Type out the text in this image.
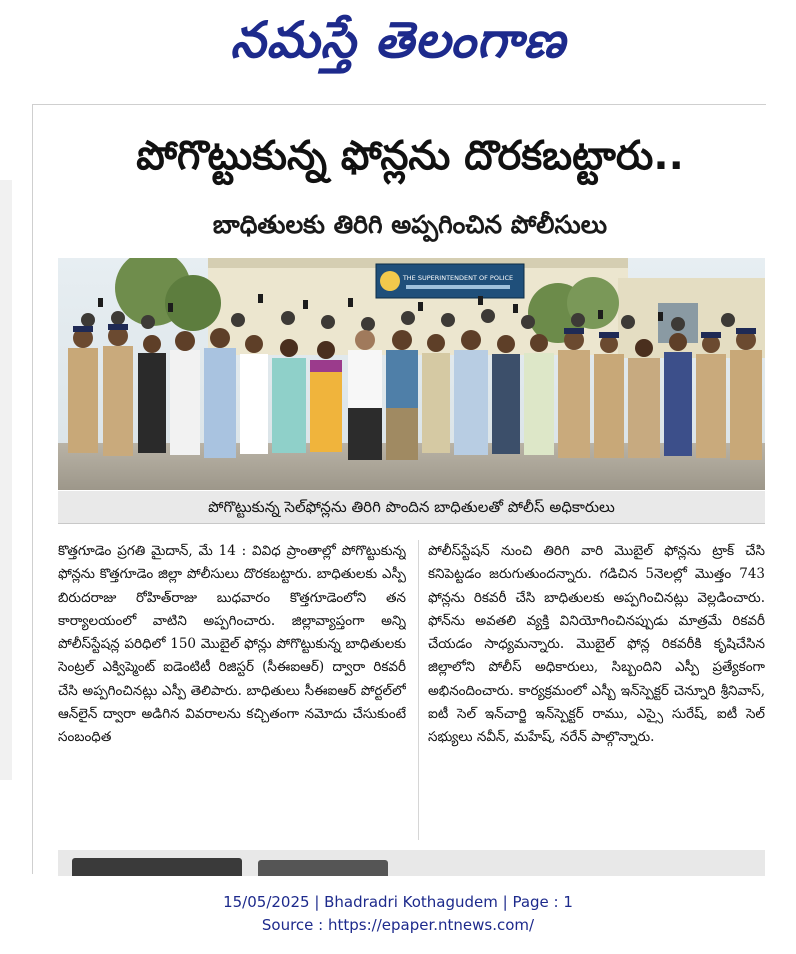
నమస్తే తెలంగాణ
పోగొట్టుకున్న ఫోన్లను దొరకబట్టారు..
బాధితులకు తిరిగి అప్పగించిన పోలీసులు
THE SUPERINTENDENT OF POLICE
పోగొట్టుకున్న సెల్‌ఫోన్లను తిరిగి పొందిన బాధితులతో పోలీస్ అధికారులు

కొత్తగూడెం ప్రగతి మైదాన్, మే 14 : వివిధ ప్రాంతాల్లో పోగొట్టుకున్న ఫోన్లను కొత్తగూడెం జిల్లా పోలీసులు దొరకబట్టారు. బాధితులకు ఎస్పీ బిరుదరాజు రోహిత్‌రాజు బుధవారం కొత్తగూడెంలోని తన కార్యాలయంలో వాటిని అప్పగించారు. జిల్లావ్యాప్తంగా అన్ని పోలీస్‌స్టేషన్ల పరిధిలో 150 మొబైల్ ఫోన్లు పోగొట్టుకున్న బాధితులకు సెంట్రల్ ఎక్విప్మెంట్ ఐడెంటిటీ రిజిస్టర్ (సీఈఐఆర్) ద్వారా రికవరీ చేసి అప్పగించినట్లు ఎస్పీ తెలిపారు. బాధితులు సీఈఐఆర్ పోర్టల్‌లో ఆన్‌లైన్ ద్వారా అడిగిన వివరాలను కచ్చితంగా నమోదు చేసుకుంటే సంబంధిత

పోలీస్‌స్టేషన్ నుంచి తిరిగి వారి మొబైల్ ఫోన్లను ట్రాక్ చేసి కనిపెట్టడం జరుగుతుందన్నారు. గడిచిన 5నెలల్లో మొత్తం 743 ఫోన్లను రికవరీ చేసి బాధితులకు అప్పగించినట్లు వెల్లడించారు. ఫోన్‌ను అవతలి వ్యక్తి వినియోగించినప్పుడు మాత్రమే రికవరీ చేయడం సాధ్యమన్నారు. మొబైల్ ఫోన్ల రికవరీకి కృషిచేసిన జిల్లాలోని పోలీస్ అధికారులు, సిబ్బందిని ఎస్పీ ప్రత్యేకంగా అభినందించారు. కార్యక్రమంలో ఎస్బీ ఇన్‌స్పెక్టర్ చెన్నూరి శ్రీనివాస్, ఐటీ సెల్ ఇన్‌చార్జి ఇన్‌స్పెక్టర్ రాము, ఎస్సై సురేష్, ఐటీ సెల్ సభ్యులు నవీన్, మహేష్, నరేన్ పాల్గొన్నారు.

15/05/2025 | Bhadradri Kothagudem | Page : 1
Source : https://epaper.ntnews.com/
